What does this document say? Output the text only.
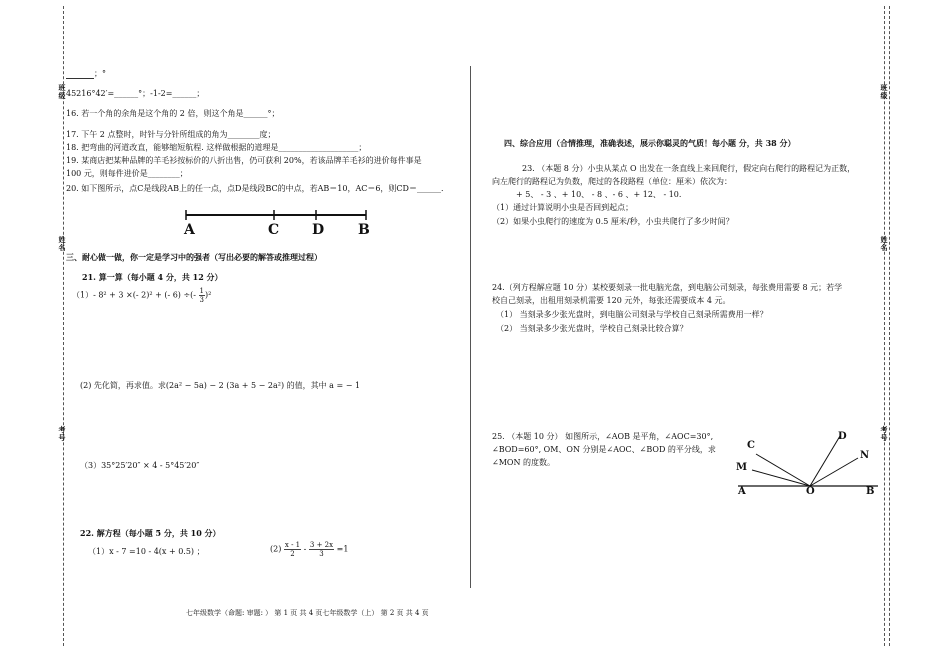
班级
姓名
考号
班级
姓名
考号
；°
45216°42′=______°；-1-2=______；
16. 若一个角的余角是这个角的 2 倍，则这个角是______°；
17. 下午 2 点整时，时针与分针所组成的角为________度；
18. 把弯曲的河道改直，能够缩短航程. 这样做根据的道理是____________________；
19. 某商店把某种品牌的羊毛衫按标价的八折出售，仍可获利 20%，若该品牌羊毛衫的进价每件事是
100 元，则每件进价是________；
20. 如下图所示，点C是线段AB上的任一点，点D是线段BC的中点，若AB＝10，AC＝6，则CD＝______．
A	C D B
三、耐心做一做，你一定是学习中的强者（写出必要的解答或推理过程）
21. 算一算（每小题 4 分，共 12 分）
（1）- 8² + 3 ×(- 2)² + (- 6) ÷(- $\frac{1}{3} )^2$
(2) 先化简，再求值。求(2a² − 5a) − 2 (3a + 5 − 2a²) 的值，其中 a = − 1
（3）35°25′20″ × 4 - 5°45′20″
22. 解方程（每小题 5 分，共 10 分）
（1）x - 7 =10 - 4(x + 0.5) ；	$(2) \frac{x - 1}{2} - \frac{3 + 2x}{3} =1$
四、综合应用（合情推理，准确表述，展示你聪灵的气质！每小题 分，共 38 分）
23. （本题 8 分）小虫从某点 O 出发在一条直线上来回爬行，假定向右爬行的路程记为正数，
向左爬行的路程记为负数，爬过的各段路程（单位：厘米）依次为：
+ 5、 - 3 、+ 10、 - 8 、- 6 、+ 12、 - 10.
（1）通过计算说明小虫是否回到起点；
（2）如果小虫爬行的速度为 0.5 厘米/秒，小虫共爬行了多少时间？
24.（列方程解应题 10 分）某校要刻录一批电脑光盘，到电脑公司刻录，每张费用需要 8 元；若学
校自己刻录，出租用刻录机需要 120 元外，每张还需要成本 4 元。
（1） 当刻录多少张光盘时，到电脑公司刻录与学校自己刻录所需费用一样？
（2） 当刻录多少张光盘时，学校自己刻录比较合算？
25. （本题 10 分） 如图所示，∠AOB 是平角，∠AOC=30°,
∠BOD=60°, OM、ON 分别是∠AOC、∠BOD 的平分线，求
∠MON 的度数。
C
D
M
N
A	O	B
七年级数学（命题: 审题: ） 第 1 页 共 4 页七年级数学（上） 第 2 页 共 4 页
